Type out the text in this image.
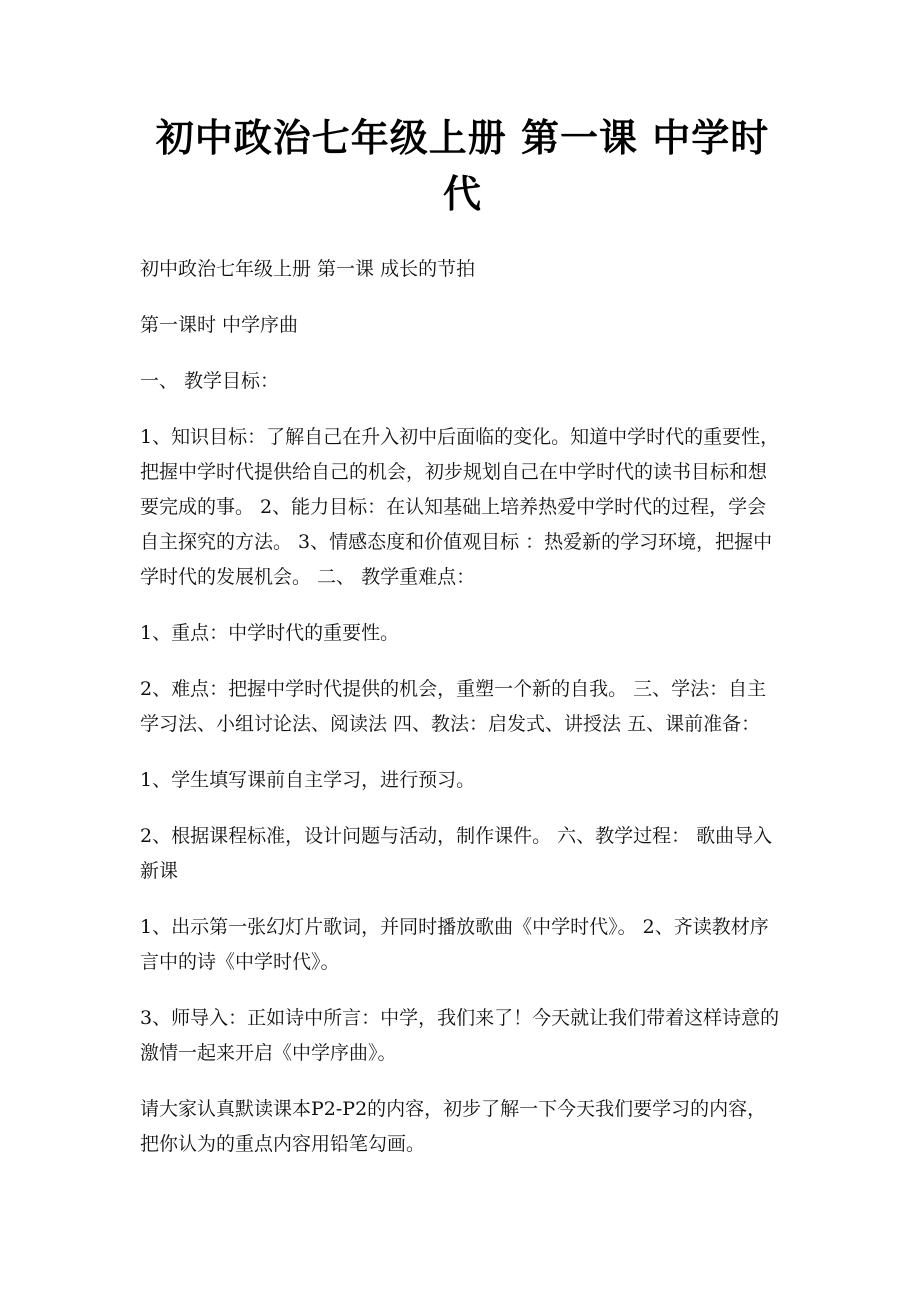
初中政治七年级上册 第一课 中学时代

初中政治七年级上册 第一课 成长的节拍

第一课时 中学序曲

一、 教学目标：

1、知识目标：了解自己在升入初中后面临的变化。知道中学时代的重要性，把握中学时代提供给自己的机会，初步规划自己在中学时代的读书目标和想要完成的事。 2、能力目标：在认知基础上培养热爱中学时代的过程，学会自主探究的方法。 3、情感态度和价值观目标 ：热爱新的学习环境，把握中学时代的发展机会。 二、 教学重难点：

1、重点：中学时代的重要性。

2、难点：把握中学时代提供的机会，重塑一个新的自我。 三、学法：自主学习法、小组讨论法、阅读法 四、教法：启发式、讲授法 五、课前准备：

1、学生填写课前自主学习，进行预习。

2、根据课程标准，设计问题与活动，制作课件。 六、教学过程： 歌曲导入新课

1、出示第一张幻灯片歌词，并同时播放歌曲《中学时代》。 2、齐读教材序言中的诗《中学时代》。

3、师导入：正如诗中所言：中学，我们来了！今天就让我们带着这样诗意的激情一起来开启《中学序曲》。

请大家认真默读课本P2-P2的内容，初步了解一下今天我们要学习的内容，把你认为的重点内容用铅笔勾画。
